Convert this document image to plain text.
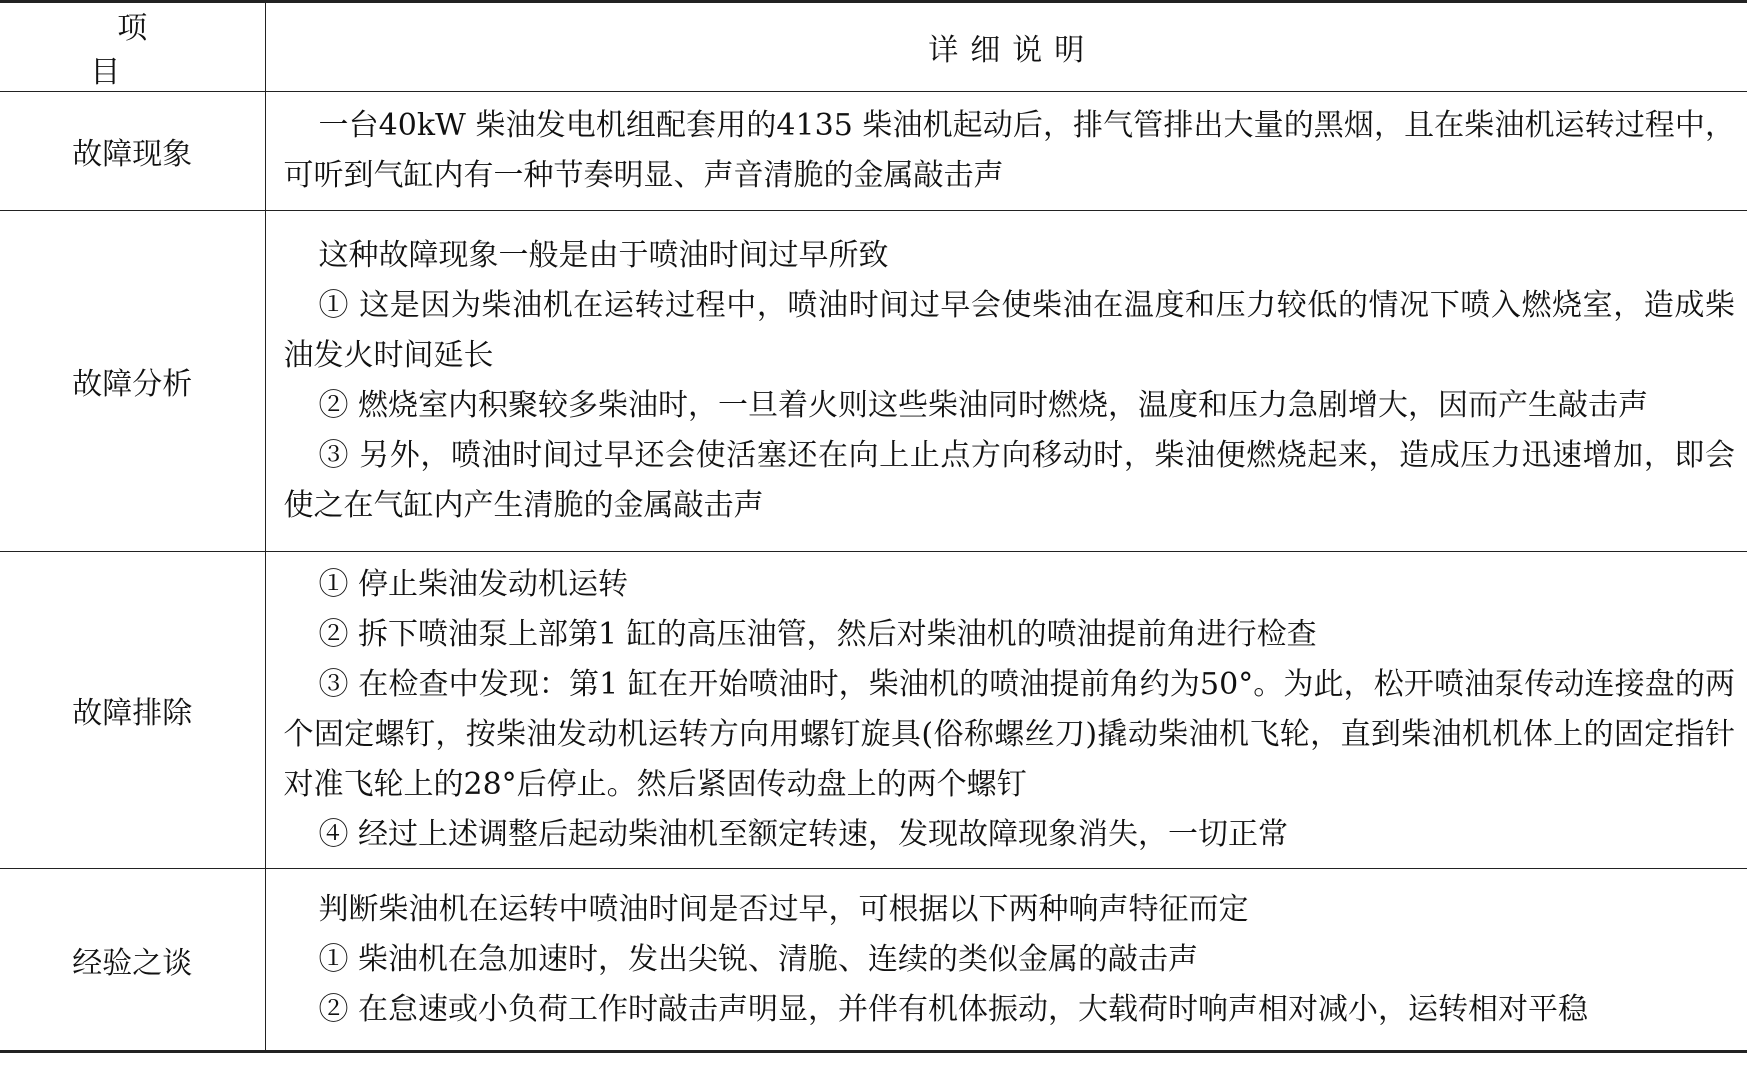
项 目	详细说明
故障现象	一台40kW 柴油发电机组配套用的4135 柴油机起动后，排气管排出大量的黑烟，且在柴油机运转过程中，可听到气缸内有一种节奏明显、声音清脆的金属敲击声

故障分析	这种故障现象一般是由于喷油时间过早所致

① 这是因为柴油机在运转过程中，喷油时间过早会使柴油在温度和压力较低的情况下喷入燃烧室，造成柴油发火时间延长

② 燃烧室内积聚较多柴油时，一旦着火则这些柴油同时燃烧，温度和压力急剧增大，因而产生敲击声

③ 另外，喷油时间过早还会使活塞还在向上止点方向移动时，柴油便燃烧起来，造成压力迅速增加，即会使之在气缸内产生清脆的金属敲击声

故障排除	① 停止柴油发动机运转

② 拆下喷油泵上部第1 缸的高压油管，然后对柴油机的喷油提前角进行检查

③ 在检查中发现：第1 缸在开始喷油时，柴油机的喷油提前角约为50°。为此，松开喷油泵传动连接盘的两个固定螺钉，按柴油发动机运转方向用螺钉旋具(俗称螺丝刀)撬动柴油机飞轮，直到柴油机机体上的固定指针对准飞轮上的28°后停止。然后紧固传动盘上的两个螺钉

④ 经过上述调整后起动柴油机至额定转速，发现故障现象消失，一切正常

经验之谈	判断柴油机在运转中喷油时间是否过早，可根据以下两种响声特征而定

① 柴油机在急加速时，发出尖锐、清脆、连续的类似金属的敲击声

② 在怠速或小负荷工作时敲击声明显，并伴有机体振动，大载荷时响声相对减小，运转相对平稳
